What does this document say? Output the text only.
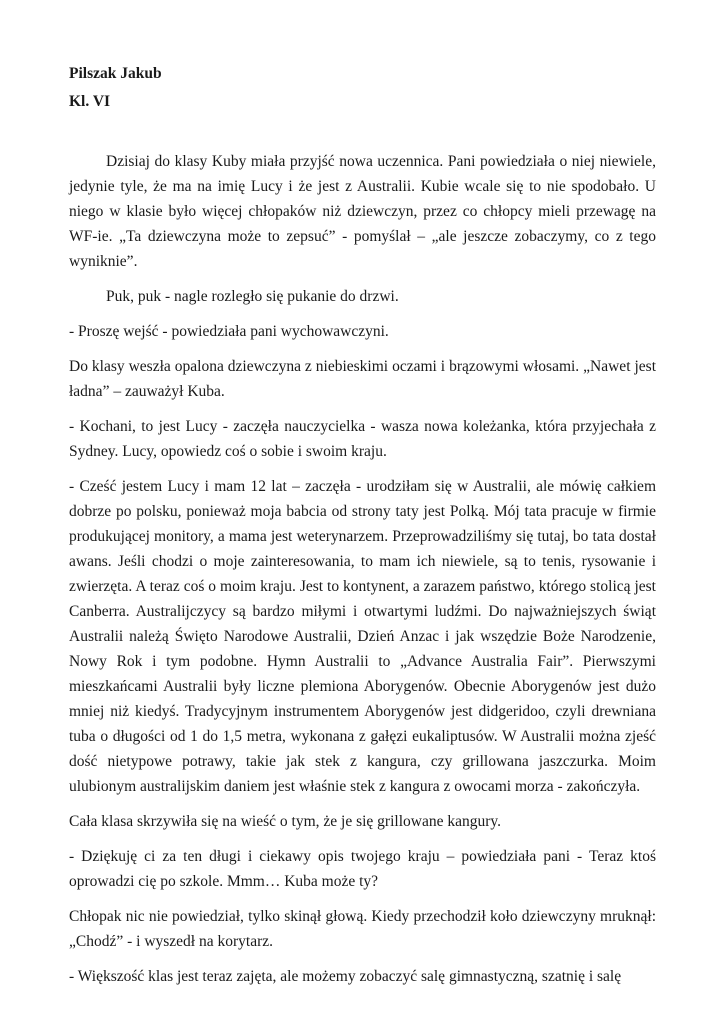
Pilszak Jakub

Kl. VI

Dzisiaj do klasy Kuby miała przyjść nowa uczennica. Pani powiedziała o niej niewiele, jedynie tyle, że ma na imię Lucy i że jest z Australii. Kubie wcale się to nie spodobało. U niego w klasie było więcej chłopaków niż dziewczyn, przez co chłopcy mieli przewagę na WF-ie. „Ta dziewczyna może to zepsuć” - pomyślał – „ale jeszcze zobaczymy, co z tego wyniknie”.

Puk, puk - nagle rozległo się pukanie do drzwi.

- Proszę wejść - powiedziała pani wychowawczyni.

Do klasy weszła opalona dziewczyna z niebieskimi oczami i brązowymi włosami. „Nawet jest ładna” – zauważył Kuba.

- Kochani, to jest Lucy - zaczęła nauczycielka - wasza nowa koleżanka, która przyjechała z Sydney. Lucy, opowiedz coś o sobie i swoim kraju.

- Cześć jestem Lucy i mam 12 lat – zaczęła - urodziłam się w Australii, ale mówię całkiem dobrze po polsku, ponieważ moja babcia od strony taty jest Polką. Mój tata pracuje w firmie produkującej monitory, a mama jest weterynarzem. Przeprowadziliśmy się tutaj, bo tata dostał awans. Jeśli chodzi o moje zainteresowania, to mam ich niewiele, są to tenis, rysowanie i zwierzęta. A teraz coś o moim kraju. Jest to kontynent, a zarazem państwo, którego stolicą jest Canberra. Australijczycy są bardzo miłymi i otwartymi ludźmi. Do najważniejszych świąt Australii należą Święto Narodowe Australii, Dzień Anzac i jak wszędzie Boże Narodzenie, Nowy Rok i tym podobne. Hymn Australii to „Advance Australia Fair”. Pierwszymi mieszkańcami Australii były liczne plemiona Aborygenów. Obecnie Aborygenów jest dużo mniej niż kiedyś. Tradycyjnym instrumentem Aborygenów jest didgeridoo, czyli drewniana tuba o długości od 1 do 1,5 metra, wykonana z gałęzi eukaliptusów. W Australii można zjeść dość nietypowe potrawy, takie jak stek z kangura, czy grillowana jaszczurka. Moim ulubionym australijskim daniem jest właśnie stek z kangura z owocami morza - zakończyła.

Cała klasa skrzywiła się na wieść o tym, że je się grillowane kangury.

- Dziękuję ci za ten długi i ciekawy opis twojego kraju – powiedziała pani - Teraz ktoś oprowadzi cię po szkole. Mmm… Kuba może ty?

Chłopak nic nie powiedział, tylko skinął głową. Kiedy przechodził koło dziewczyny mruknął: „Chodź” - i wyszedł na korytarz.

- Większość klas jest teraz zajęta, ale możemy zobaczyć salę gimnastyczną, szatnię i salę
